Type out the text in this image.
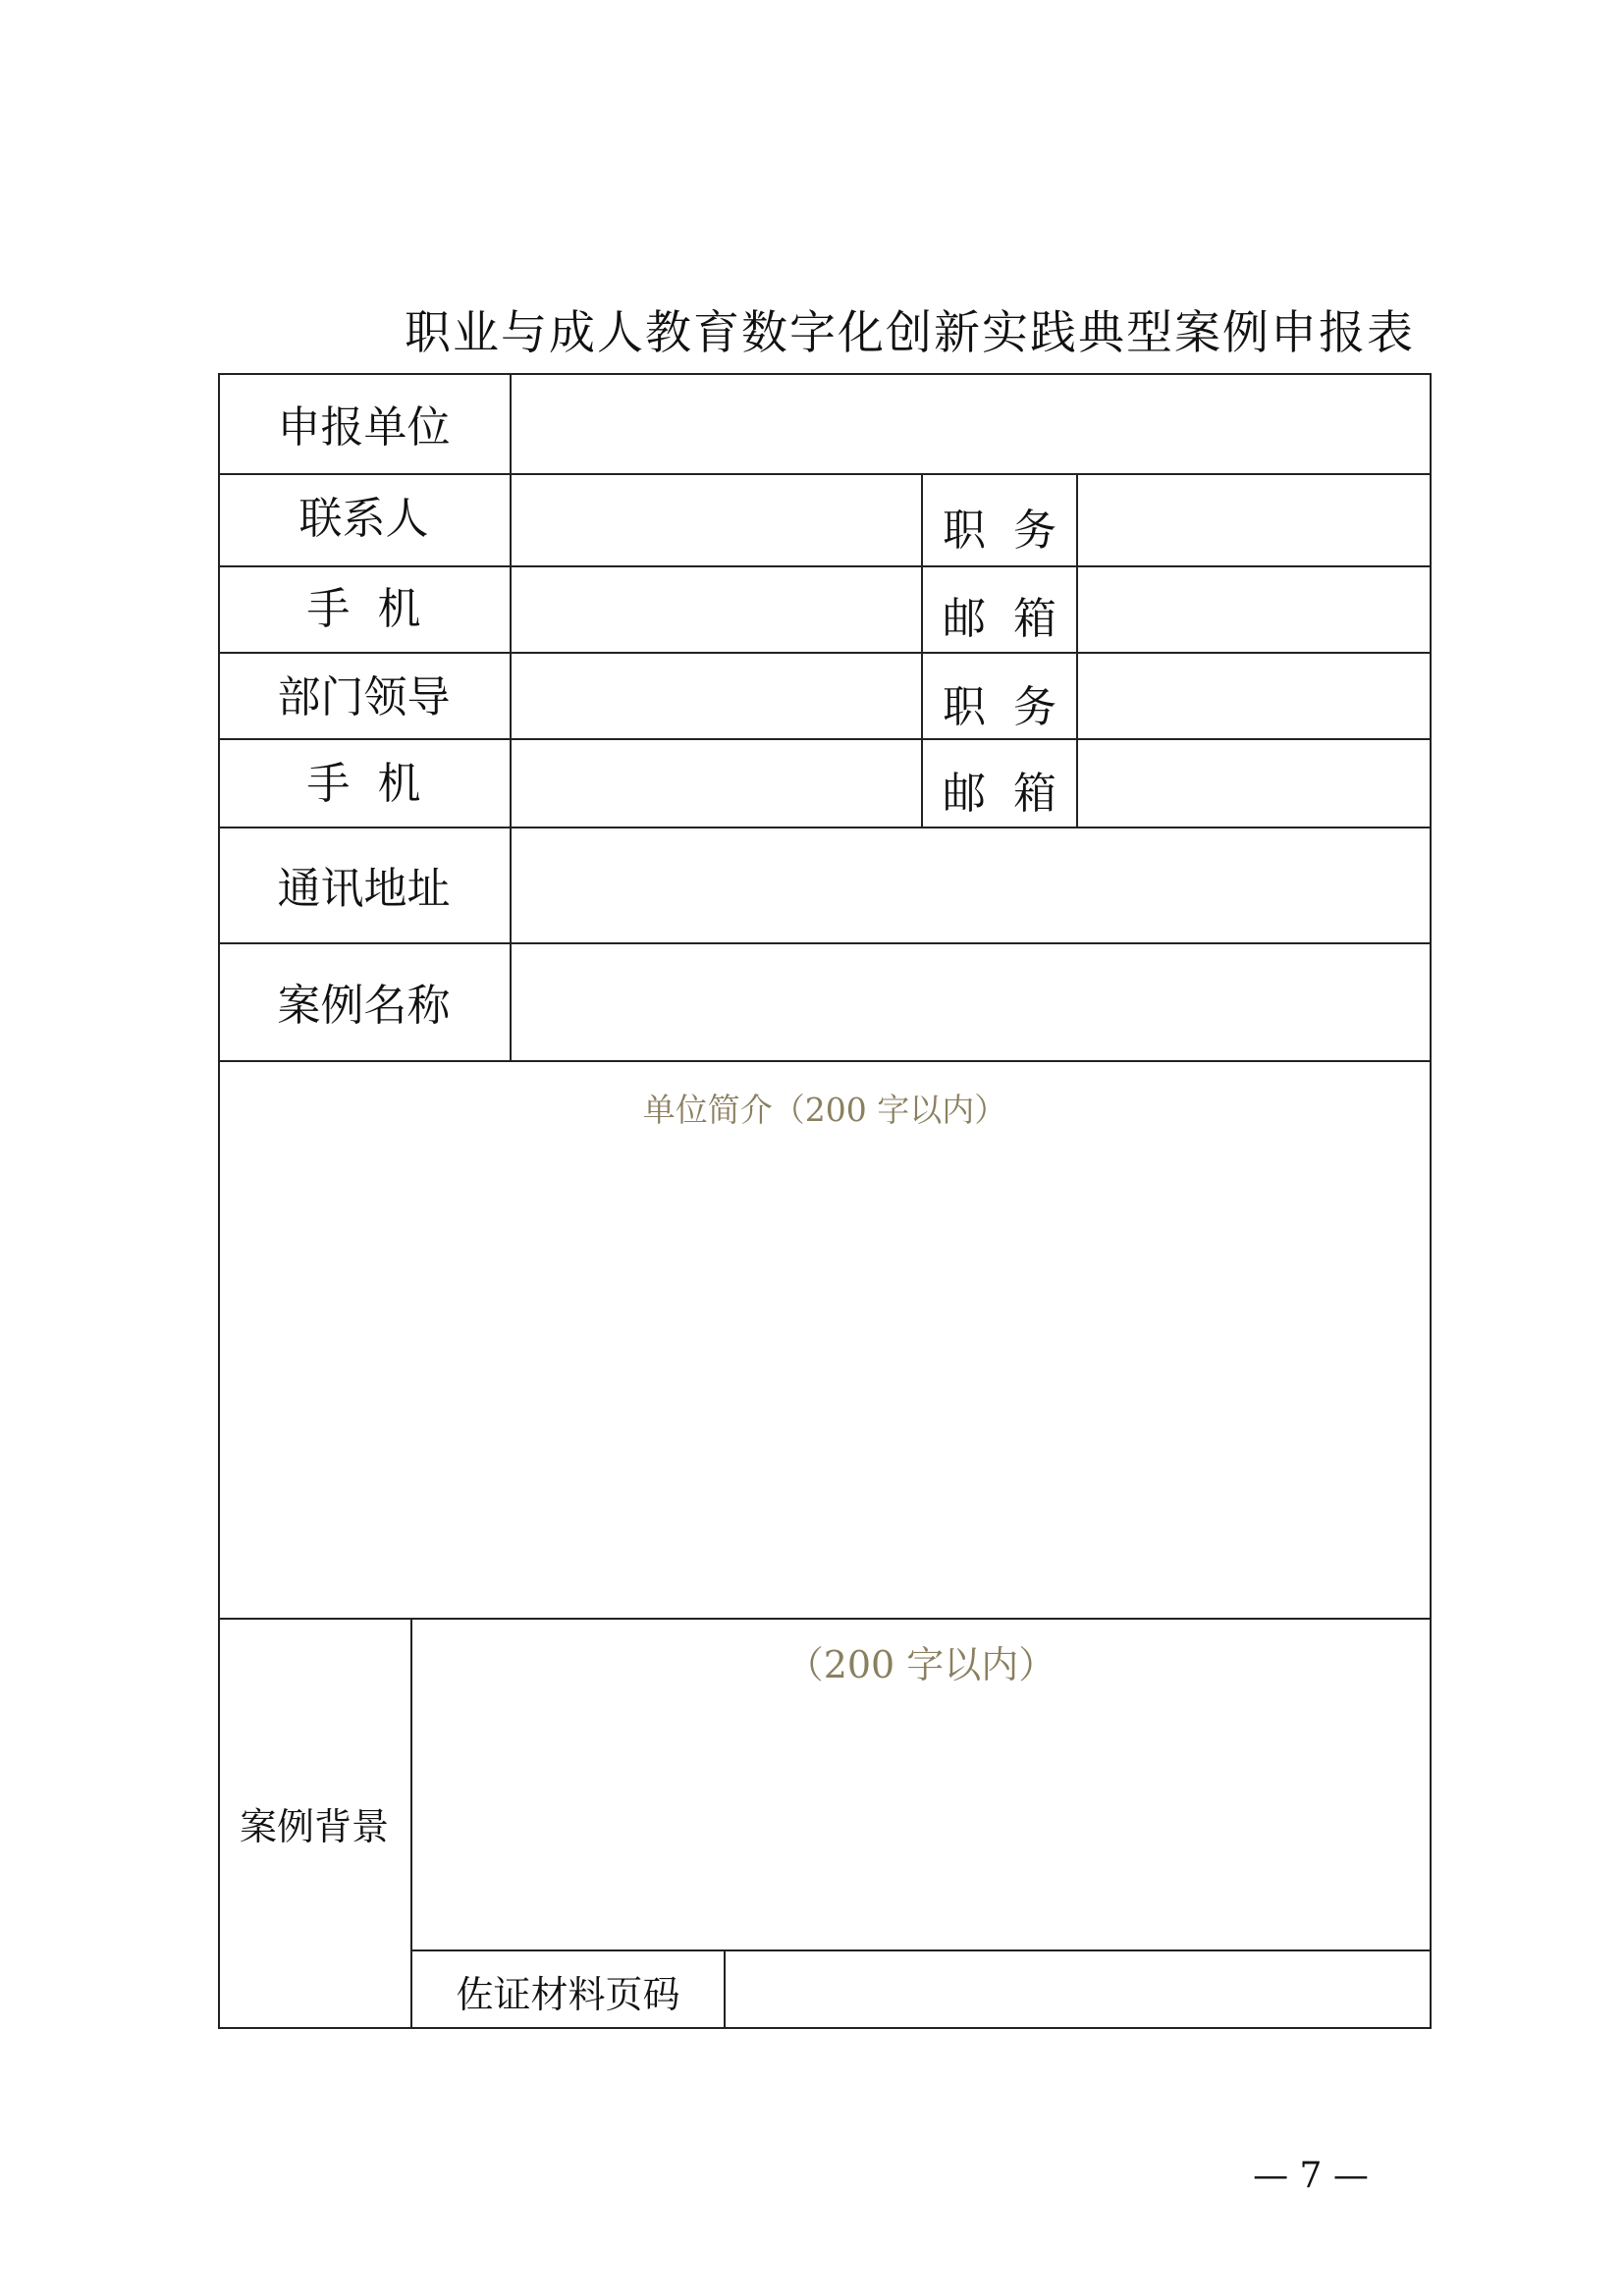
职业与成人教育数字化创新实践典型案例申报表
申报单位
联系人	职  务
手  机	邮  箱
部门领导	职  务
手  机	邮  箱
通讯地址
案例名称
单位简介（200 字以内）
案例背景
（200 字以内）
佐证材料页码
— 7 —
